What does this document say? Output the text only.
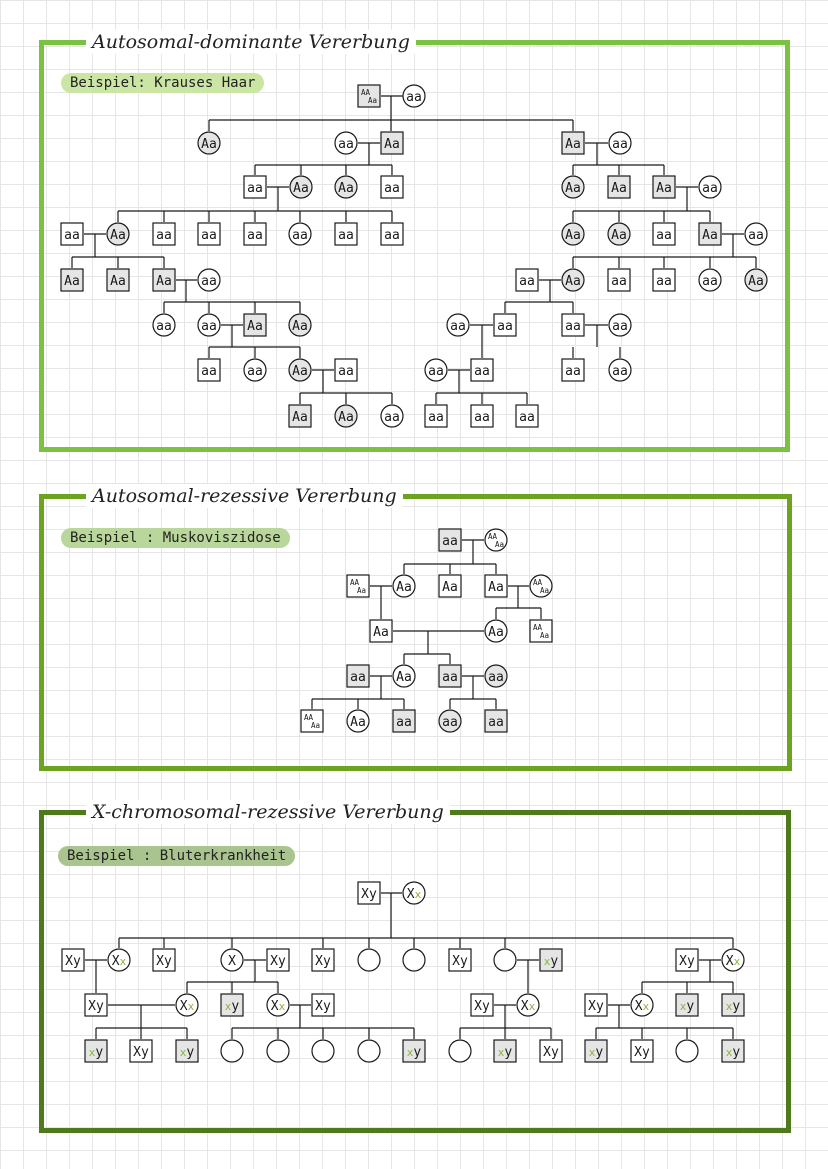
Autosomal-dominante Vererbung
Beispiel: Krauses Haar
Autosomal-rezessive Vererbung
Beispiel : Muskoviszidose
X-chromosomal-rezessive Vererbung
Beispiel : Bluterkrankheit
AA
Aa aa
Aa	aa Aa	Aa aa
aa Aa Aa aa	Aa Aa Aa aa
aa Aa aa aa aa aa aa aa	Aa Aa aa Aa aa
Aa Aa Aa aa	aa Aa aa aa aa Aa
aa aa Aa Aa	aa aa	aa aa
aa aa Aa aa	aa aa	aa aa
Aa Aa aa aa aa aa
aa	AA
Aa
AA
Aa Aa Aa Aa	AA
Aa
Aa	Aa	AA
Aa
aa Aa aa aa
AA
Aa Aa aa aa aa
Xy Xx
Xy Xx Xy	X	Xy Xy	Xy	xy	Xy Xx
Xy	Xx	xy Xx Xy	Xy Xx	Xy Xx	xy	xy
xy Xy	xy	xy	xy Xy	xy Xy	xy
